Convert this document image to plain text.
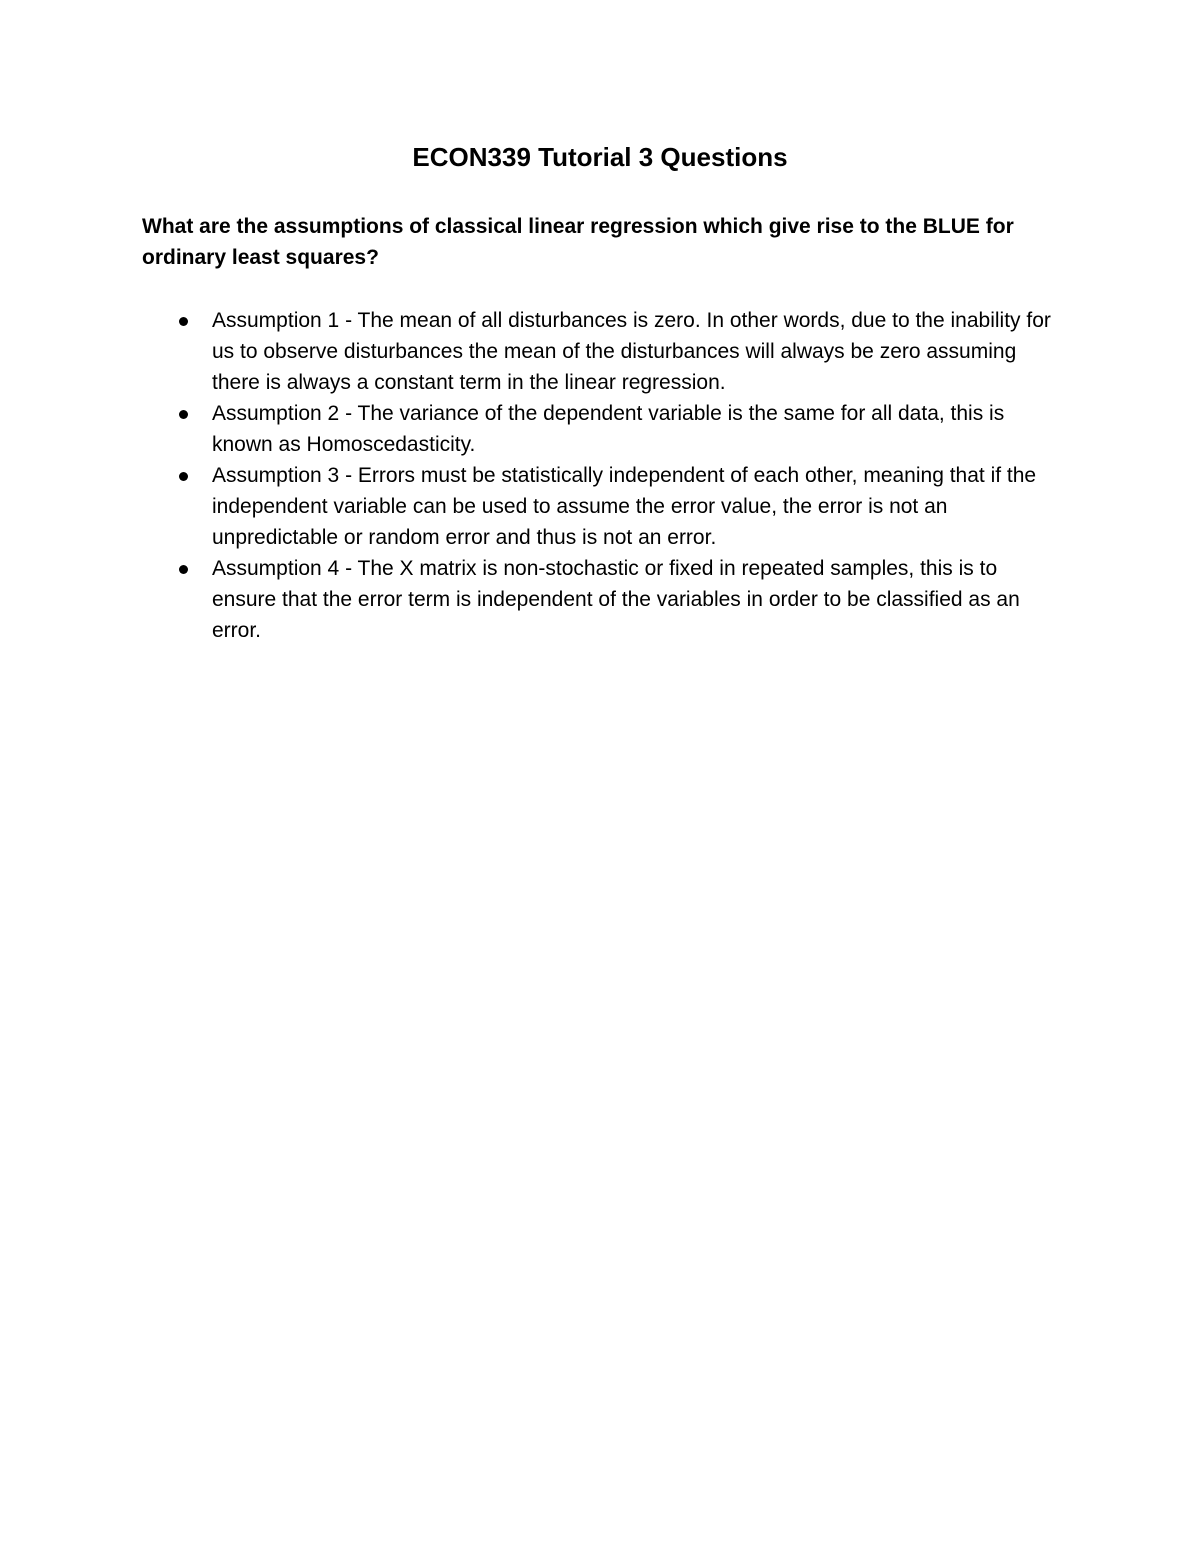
ECON339 Tutorial 3 Questions

What are the assumptions of classical linear regression which give rise to the BLUE for ordinary least squares?

Assumption 1 - The mean of all disturbances is zero. In other words, due to the inability for us to observe disturbances the mean of the disturbances will always be zero assuming there is always a constant term in the linear regression.
Assumption 2 - The variance of the dependent variable is the same for all data, this is known as Homoscedasticity.
Assumption 3 - Errors must be statistically independent of each other, meaning that if the independent variable can be used to assume the error value, the error is not an unpredictable or random error and thus is not an error.
Assumption 4 - The X matrix is non-stochastic or fixed in repeated samples, this is to ensure that the error term is independent of the variables in order to be classified as an error.
